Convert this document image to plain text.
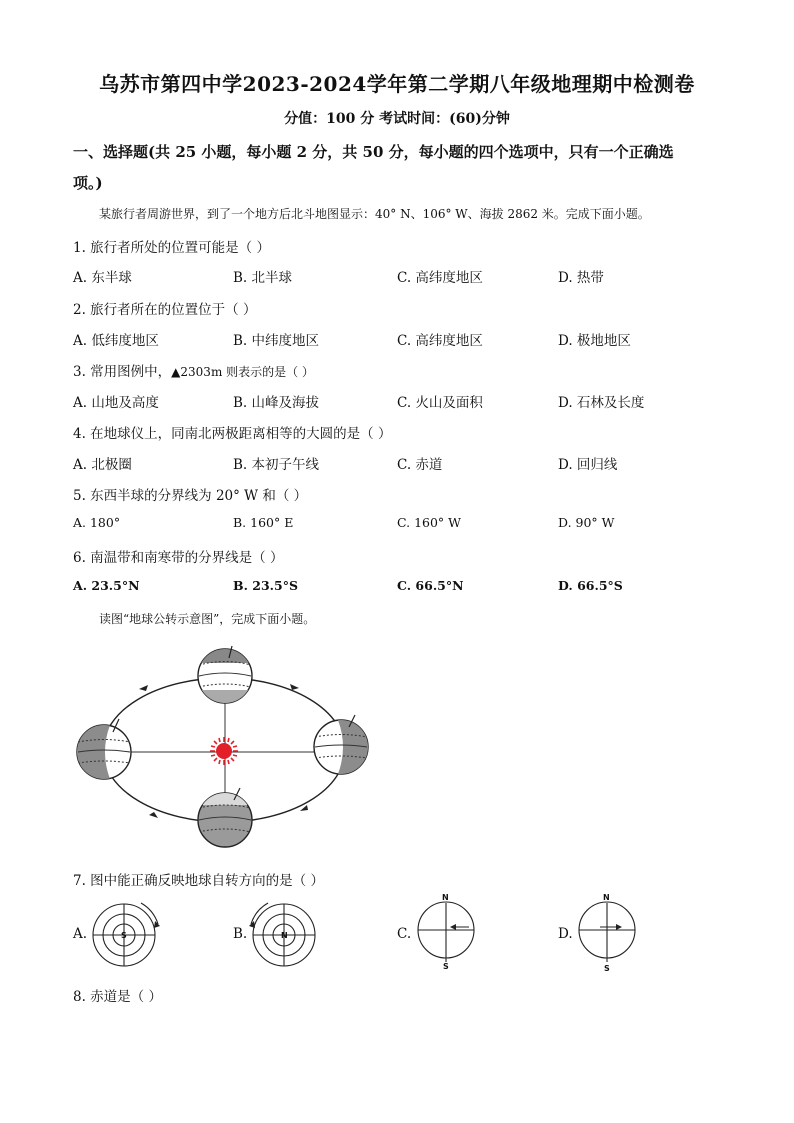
乌苏市第四中学2023-2024学年第二学期八年级地理期中检测卷
分值：100 分 考试时间：(60)分钟
一、选择题(共 25 小题，每小题 2 分，共 50 分，每小题的四个选项中，只有一个正确选
项。)
某旅行者周游世界，到了一个地方后北斗地图显示：40° N、106° W、海拔 2862 米。完成下面小题。
1. 旅行者所处的位置可能是（ ）
A. 东半球	B. 北半球	C. 高纬度地区	D. 热带
2. 旅行者所在的位置位于（ ）
A. 低纬度地区	B. 中纬度地区	C. 高纬度地区	D. 极地地区
3. 常用图例中，▲2303m 则表示的是（ ）
A. 山地及高度	B. 山峰及海拔	C. 火山及面积	D. 石林及长度
4. 在地球仪上，同南北两极距离相等的大圆的是（ ）
A. 北极圈	B. 本初子午线	C. 赤道	D. 回归线
5. 东西半球的分界线为 20° W 和（ ）
A. 180°	B. 160° E	C. 160° W	D. 90° W
6. 南温带和南寒带的分界线是（ ）
A. 23.5°N	B. 23.5°S	C. 66.5°N	D. 66.5°S
读图“地球公转示意图”，完成下面小题。
7. 图中能正确反映地球自转方向的是（ ）
A.	B.	C.	D.
S	N
N
S
N
S
8. 赤道是（ ）
